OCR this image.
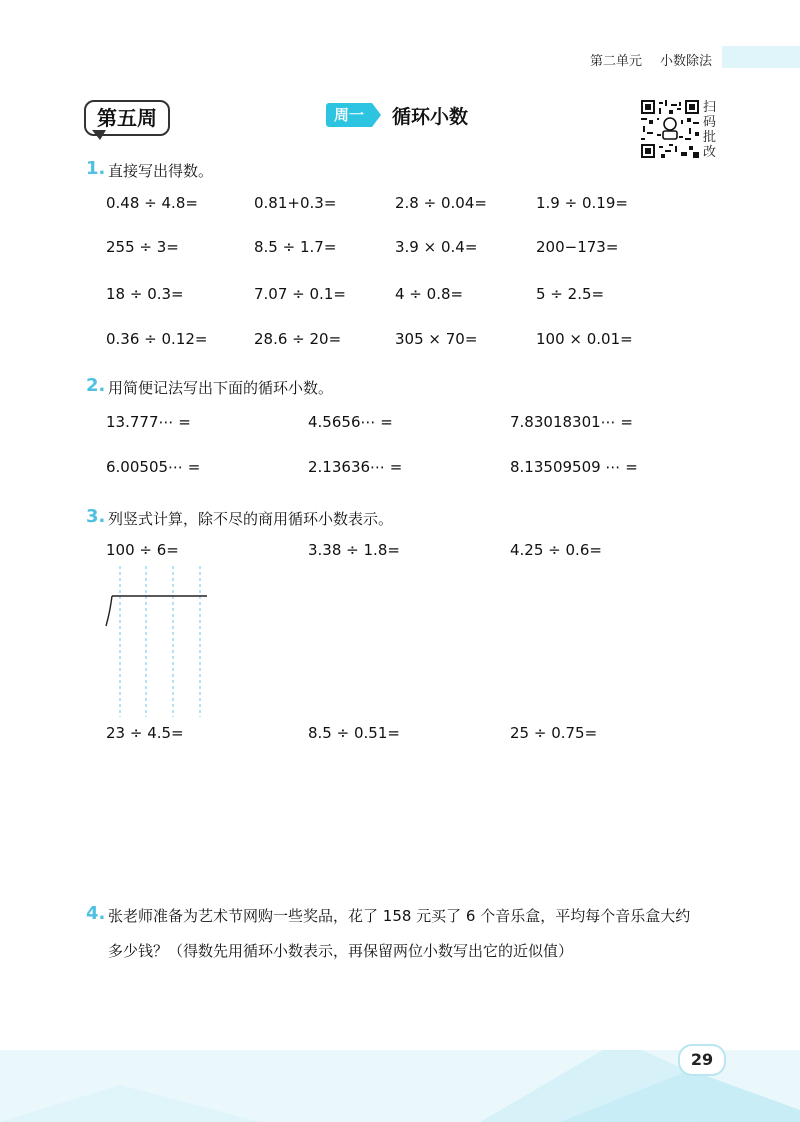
第二单元 小数除法
第五周	周一	循环小数	扫码批改
1. 直接写出得数。
0.48 ÷ 4.8=	0.81+0.3=	2.8 ÷ 0.04=	1.9 ÷ 0.19=
255 ÷ 3=	8.5 ÷ 1.7=	3.9 × 0.4=	200−173=
18 ÷ 0.3=	7.07 ÷ 0.1=	4 ÷ 0.8=	5 ÷ 2.5=
0.36 ÷ 0.12=	28.6 ÷ 20=	305 × 70=	100 × 0.01=
2. 用简便记法写出下面的循环小数。
13.777⋯ =	4.5656⋯ =	7.83018301⋯ =
6.00505⋯ =	2.13636⋯ =	8.13509509 ⋯ =
3. 列竖式计算，除不尽的商用循环小数表示。
100 ÷ 6=	3.38 ÷ 1.8=	4.25 ÷ 0.6=
23 ÷ 4.5=	8.5 ÷ 0.51=	25 ÷ 0.75=
4. 张老师准备为艺术节网购一些奖品，花了 158 元买了 6 个音乐盒，平均每个音乐盒大约
多少钱？（得数先用循环小数表示，再保留两位小数写出它的近似值）
29
